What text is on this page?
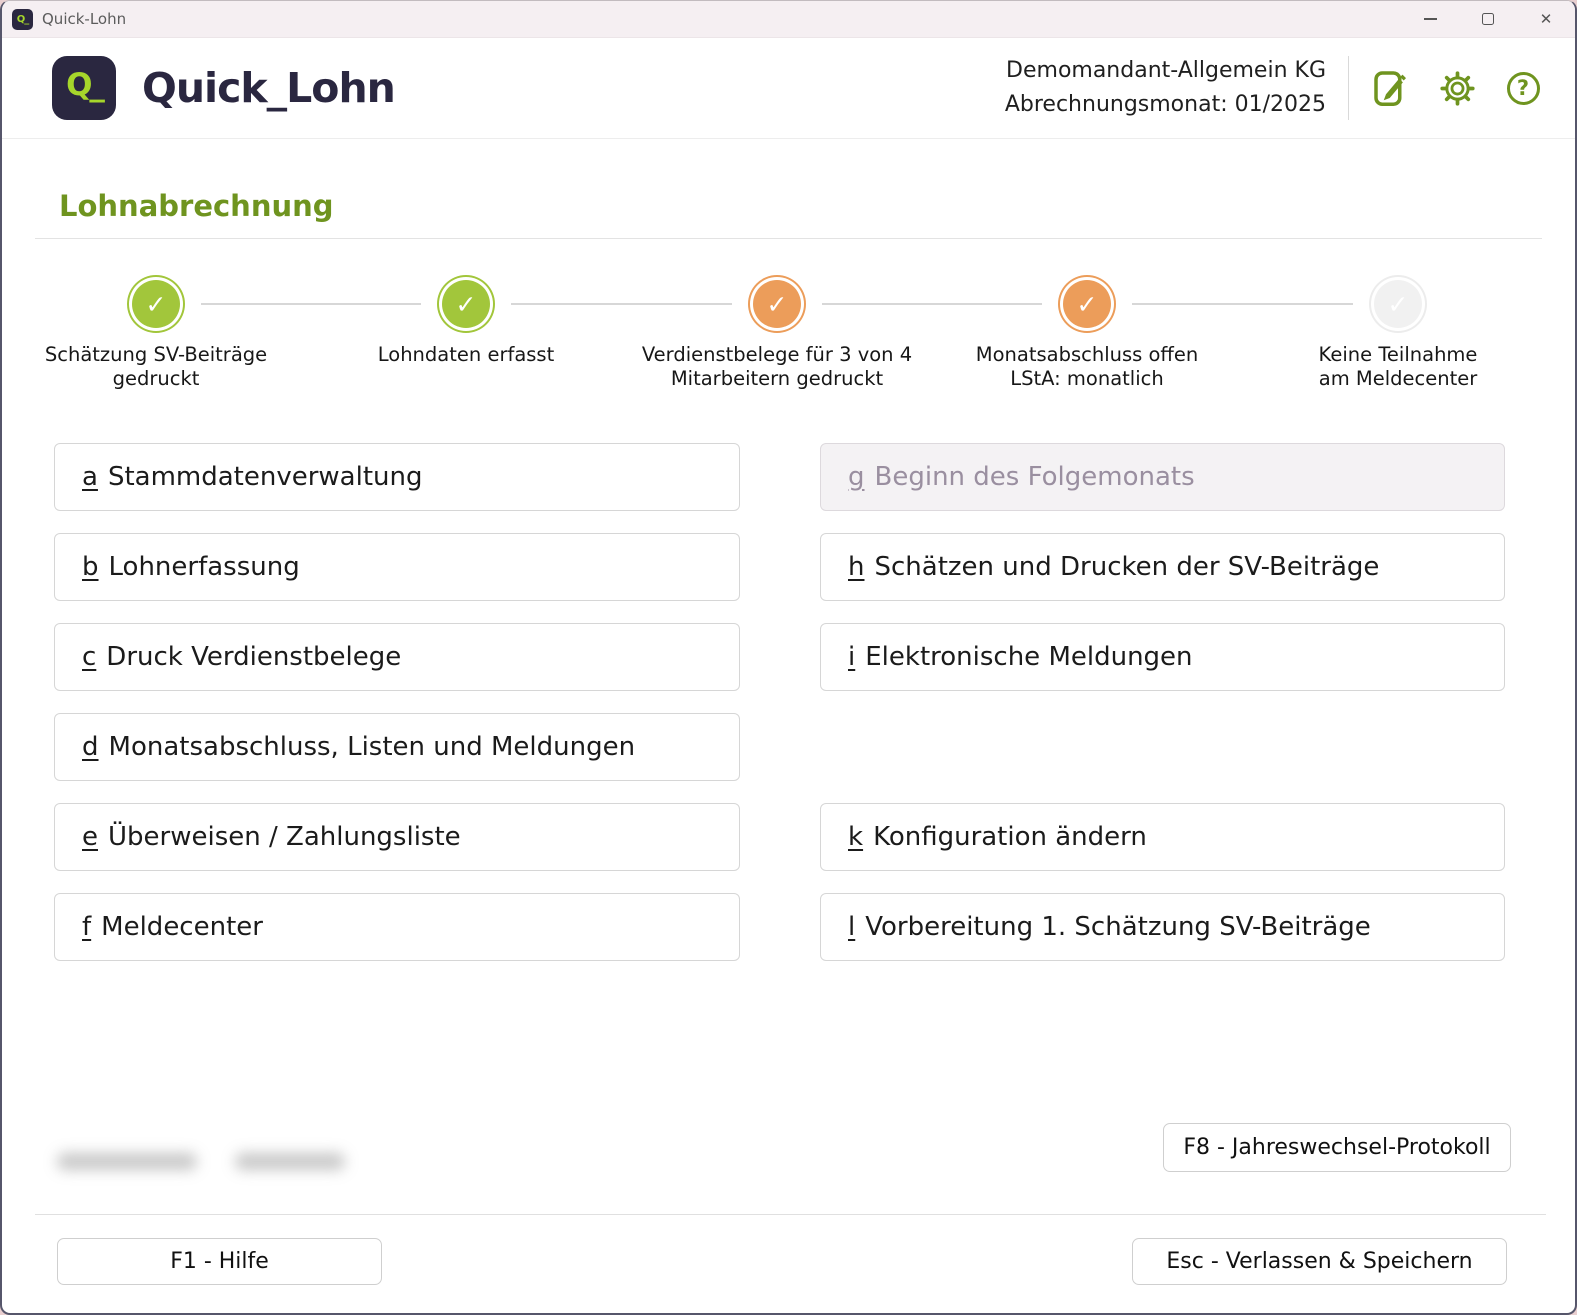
Q_ Quick-Lohn	✕
Q_ Quick_Lohn	Demomandant-Allgemein KG
Abrechnungsmonat: 01/2025
?
Lohnabrechnung
✓	✓	✓	✓	✓
Schätzung SV-Beiträge
gedruckt
Lohndaten erfasst	Verdienstbelege für 3 von 4
Mitarbeitern gedruckt
Monatsabschluss offen
LStA: monatlich
Keine Teilnahme
am Meldecenter
a Stammdatenverwaltung
b Lohnerfassung
c Druck Verdienstbelege
d Monatsabschluss, Listen und Meldungen
e Überweisen / Zahlungsliste
f Meldecenter
g Beginn des Folgemonats
h Schätzen und Drucken der SV-Beiträge
i Elektronische Meldungen
k Konfiguration ändern
l Vorbereitung 1. Schätzung SV-Beiträge
F8 - Jahreswechsel-Protokoll
F1 - Hilfe	Esc - Verlassen & Speichern
